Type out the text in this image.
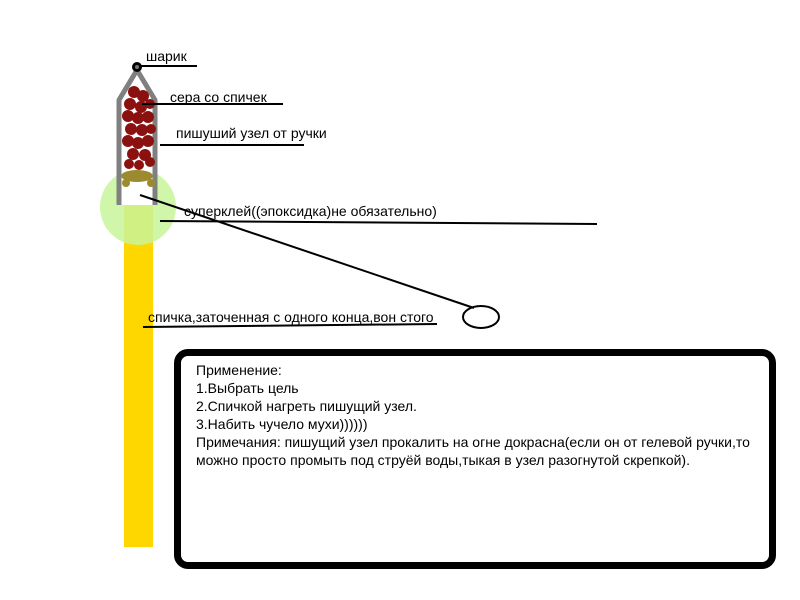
шарик
сера со спичек
пишуший узел от ручки
суперклей((эпоксидка)не обязательно)
спичка,заточенная с одного конца,вон стого
Применение:
1.Выбрать цель
2.Спичкой нагреть пишущий узел.
3.Набить чучело мухи))))))
Примечания: пишущий узел прокалить на огне докрасна(если он от гелевой ручки,то можно просто промыть под струёй воды,тыкая в узел разогнутой скрепкой).
